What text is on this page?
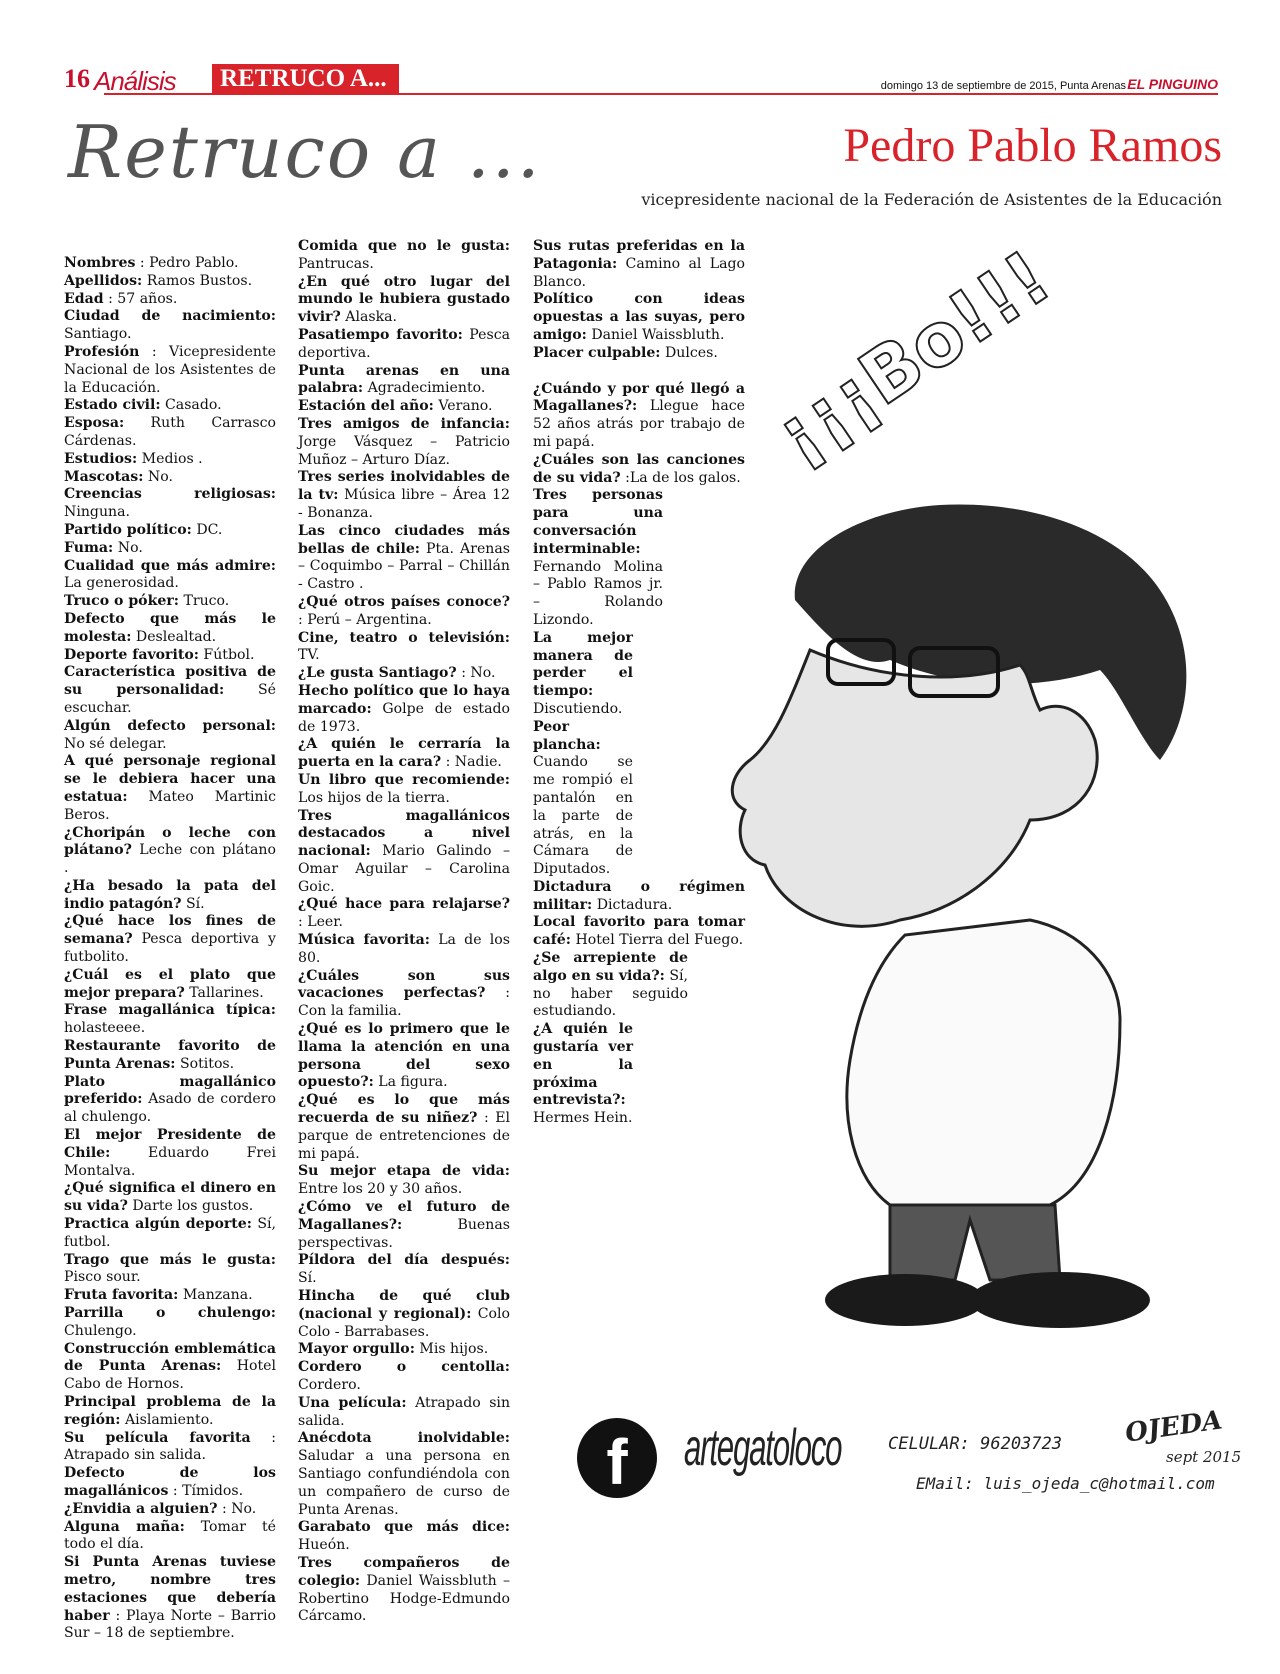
16 Análisis	RETRUCO A...	domingo 13 de septiembre de 2015, Punta Arenas EL PINGUINO
Retruco a ...	Pedro Pablo Ramos
vicepresidente nacional de la Federación de Asistentes de la Educación

Nombres : Pedro Pablo.

Apellidos: Ramos Bustos.

Edad : 57 años.

Ciudad de nacimiento: Santiago.

Profesión : Vicepresidente Nacional de los Asistentes de la Educación.

Estado civil: Casado.

Esposa: Ruth Carrasco Cárdenas.

Estudios: Medios .

Mascotas: No.

Creencias religiosas: Ninguna.

Partido político: DC.

Fuma: No.

Cualidad que más admire: La generosidad.

Truco o póker: Truco.

Defecto que más le molesta: Deslealtad.

Deporte favorito: Fútbol.

Característica positiva de su personalidad: Sé escuchar.

Algún defecto personal: No sé delegar.

A qué personaje regional se le debiera hacer una estatua: Mateo Martinic Beros.

¿Choripán o leche con plátano? Leche con plátano .

¿Ha besado la pata del indio patagón? Sí.

¿Qué hace los fines de semana? Pesca deportiva y futbolito.

¿Cuál es el plato que mejor prepara? Tallarines.

Frase magallánica típica: holasteeee.

Restaurante favorito de Punta Arenas: Sotitos.

Plato magallánico preferido: Asado de cordero al chulengo.

El mejor Presidente de Chile:	Eduardo Frei Montalva.

¿Qué significa el dinero en su vida? Darte los gustos.

Practica algún deporte: Sí, futbol.

Trago que más le gusta: Pisco sour.

Fruta favorita: Manzana.

Parrilla o chulengo: Chulengo.

Construcción emblemática de Punta Arenas: Hotel Cabo de Hornos.

Principal problema de la región: Aislamiento.

Su película favorita : Atrapado sin salida.

Defecto de los magallánicos : Tímidos.

¿Envidia a alguien? : No.

Alguna maña: Tomar té todo el día.

Si Punta Arenas tuviese metro, nombre tres estaciones que debería haber : Playa Norte – Barrio Sur – 18 de septiembre.

Comida que no le gusta: Pantrucas.

¿En qué otro lugar del mundo le hubiera gustado vivir? Alaska.

Pasatiempo favorito: Pesca deportiva.

Punta arenas en una palabra: Agradecimiento.

Estación del año: Verano.

Tres amigos de infancia: Jorge Vásquez – Patricio Muñoz – Arturo Díaz.

Tres series inolvidables de la tv: Música libre – Área 12 - Bonanza.

Las cinco ciudades más bellas de chile: Pta. Arenas – Coquimbo – Parral – Chillán - Castro .

¿Qué otros países conoce? : Perú – Argentina.

Cine, teatro o televisión: TV.

¿Le gusta Santiago? : No.

Hecho político que lo haya marcado: Golpe de estado de 1973.

¿A quién le cerraría la puerta en la cara? : Nadie.

Un libro que recomiende: Los hijos de la tierra.

Tres magallánicos destacados a nivel nacional: Mario Galindo – Omar Aguilar – Carolina Goic.

¿Qué hace para relajarse? : Leer.

Música favorita: La de los 80.

¿Cuáles son sus vacaciones perfectas? : Con la familia.

¿Qué es lo primero que le llama la atención en una persona del sexo opuesto?: La figura.

¿Qué es lo que más recuerda de su niñez? : El parque de entretenciones de mi papá.

Su mejor etapa de vida: Entre los 20 y 30 años.

¿Cómo ve el futuro de Magallanes?:	Buenas perspectivas.

Píldora del día después: Sí.

Hincha de qué club (nacional y regional): Colo Colo - Barrabases.

Mayor orgullo: Mis hijos.

Cordero o centolla: Cordero.

Una película: Atrapado sin salida.

Anécdota inolvidable: Saludar a una persona en Santiago confundiéndola con un compañero de curso de Punta Arenas.

Garabato que más dice: Hueón.

Tres compañeros de colegio: Daniel Waissbluth –Robertino Hodge-Edmundo Cárcamo.

Sus rutas preferidas en la Patagonia: Camino al Lago Blanco.

Político con ideas opuestas a las suyas, pero amigo: Daniel Waissbluth.

Placer culpable: Dulces.

¿Cuándo y por qué llegó a Magallanes?: Llegue hace 52 años atrás por trabajo de mi papá.

¿Cuáles son las canciones de su vida? :La de los galos.

Tres personas para una conversación interminable: Fernando Molina – Pablo Ramos jr. – Rolando Lizondo.

La mejor manera de perder el tiempo: Discutiendo.

Peor plancha: Cuando se me rompió el pantalón en la parte de atrás, en la Cámara de Diputados.

Dictadura o régimen militar: Dictadura.

Local favorito para tomar café: Hotel Tierra del Fuego.

¿Se arrepiente de algo en su vida?: Sí, no haber seguido estudiando.

¿A quién le gustaría ver en la próxima entrevista?: Hermes Hein.

¡¡¡Bo!!!
f	artegatoloco	CELULAR: 96203723
EMail: luis_ojeda_c@hotmail.com
OJEDA
sept 2015
